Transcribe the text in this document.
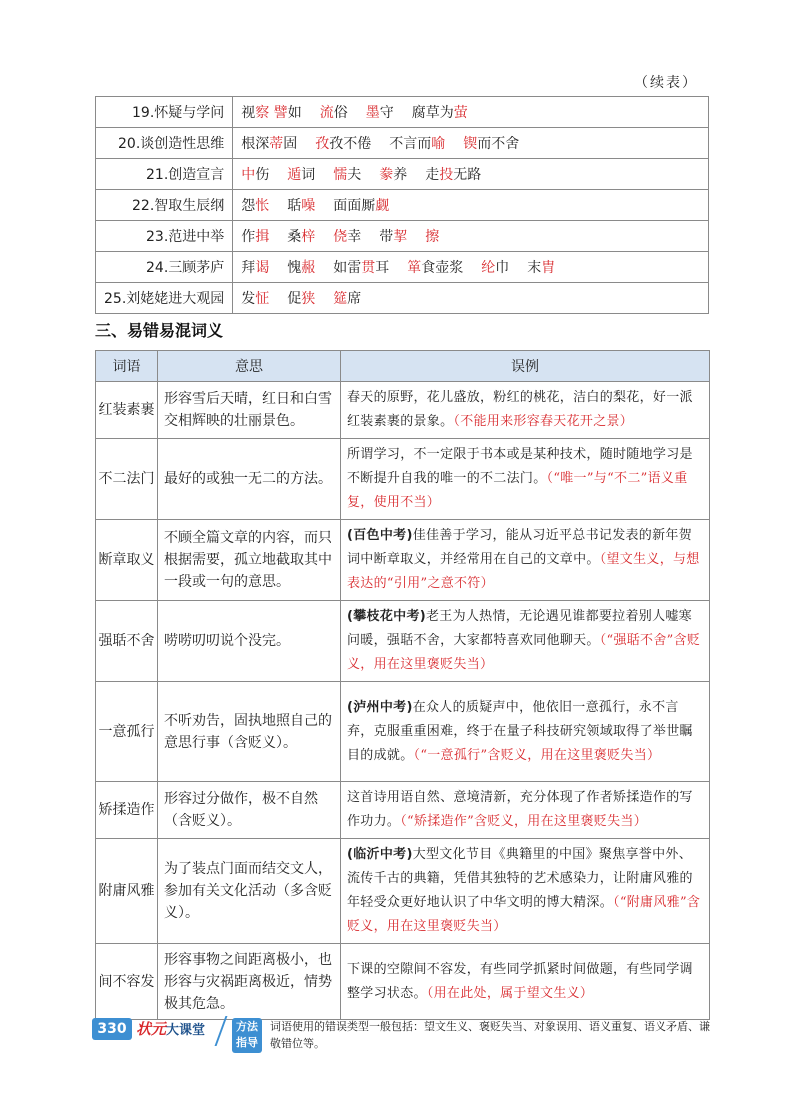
（续表）
19.怀疑与学问	视察 譬如 流俗 墨守 腐草为萤
20.谈创造性思维	根深蒂固 孜孜不倦 不言而喻 锲而不舍
21.创造宣言	中伤 遁词 懦夫 豢养 走投无路
22.智取生辰纲	怨怅 聒噪 面面厮觑
23.范进中举	作揖 桑梓 侥幸 带挈 擦
24.三顾茅庐	拜谒 愧赧 如雷贯耳 箪食壶浆 纶巾 末胄
25.刘姥姥进大观园	发怔 促狭 筵席
三、易错易混词义
词语	意思	误例
红装素裹	形容雪后天晴，红日和白雪交相辉映的壮丽景色。	春天的原野，花儿盛放，粉红的桃花，洁白的梨花，好一派红装素裹的景象。（不能用来形容春天花开之景）
不二法门	最好的或独一无二的方法。	所谓学习，不一定限于书本或是某种技术，随时随地学习是不断提升自我的唯一的不二法门。（“唯一”与“不二”语义重复，使用不当）
断章取义	不顾全篇文章的内容，而只根据需要，孤立地截取其中一段或一句的意思。	(百色中考)佳佳善于学习，能从习近平总书记发表的新年贺词中断章取义，并经常用在自己的文章中。（望文生义，与想表达的“引用”之意不符）
强聒不舍	唠唠叨叨说个没完。	(攀枝花中考)老王为人热情，无论遇见谁都要拉着别人嘘寒问暖，强聒不舍，大家都特喜欢同他聊天。（“强聒不舍”含贬义，用在这里褒贬失当）
一意孤行	不听劝告，固执地照自己的意思行事（含贬义）。	(泸州中考)在众人的质疑声中，他依旧一意孤行，永不言弃，克服重重困难，终于在量子科技研究领域取得了举世瞩目的成就。（“一意孤行”含贬义，用在这里褒贬失当）
矫揉造作	形容过分做作，极不自然（含贬义）。	这首诗用语自然、意境清新，充分体现了作者矫揉造作的写作功力。（“矫揉造作”含贬义，用在这里褒贬失当）
附庸风雅	为了装点门面而结交文人，参加有关文化活动（多含贬义）。	(临沂中考)大型文化节目《典籍里的中国》聚焦享誉中外、流传千古的典籍，凭借其独特的艺术感染力，让附庸风雅的年轻受众更好地认识了中华文明的博大精深。（“附庸风雅”含贬义，用在这里褒贬失当）
间不容发	形容事物之间距离极小，也形容与灾祸距离极近，情势极其危急。	下课的空隙间不容发，有些同学抓紧时间做题，有些同学调整学习状态。（用在此处，属于望文生义）
330 状元大课堂	方法指导
词语使用的错误类型一般包括：望文生义、褒贬失当、对象误用、语义重复、语义矛盾、谦敬错位等。
